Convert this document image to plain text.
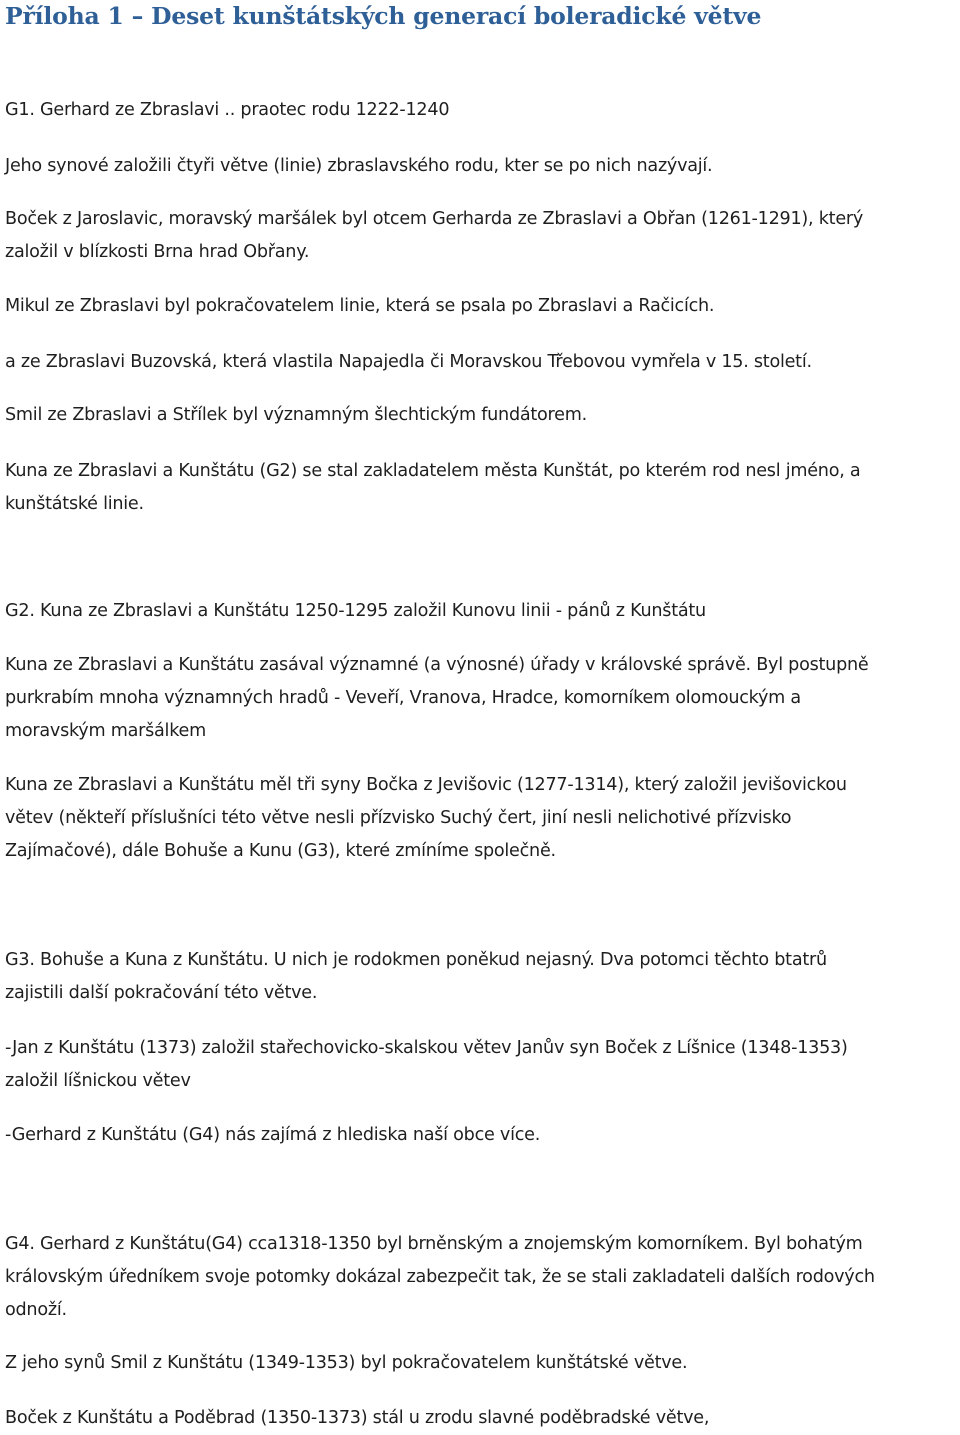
Příloha 1 – Deset kunštátských generací boleradické větve

G1. Gerhard ze Zbraslavi .. praotec rodu 1222-1240

Jeho synové založili čtyři větve (linie) zbraslavského rodu, kter se po nich nazývají.

Boček z Jaroslavic, moravský maršálek byl otcem Gerharda ze Zbraslavi a Obřan (1261-1291), který
založil v blízkosti Brna hrad Obřany.

Mikul ze Zbraslavi byl pokračovatelem linie, která se psala po Zbraslavi a Račicích.

a ze Zbraslavi Buzovská, která vlastila Napajedla či Moravskou Třebovou vymřela v 15. století.

Smil ze Zbraslavi a Střílek byl významným šlechtickým fundátorem.

Kuna ze Zbraslavi a Kunštátu (G2) se stal zakladatelem města Kunštát, po kterém rod nesl jméno, a
kunštátské linie.

G2. Kuna ze Zbraslavi a Kunštátu 1250-1295 založil Kunovu linii - pánů z Kunštátu

Kuna ze Zbraslavi a Kunštátu zasával významné (a výnosné) úřady v královské správě. Byl postupně
purkrabím mnoha významných hradů - Veveří, Vranova, Hradce, komorníkem olomouckým a
moravským maršálkem

Kuna ze Zbraslavi a Kunštátu měl tři syny Bočka z Jevišovic (1277-1314), který založil jevišovickou
větev (někteří příslušníci této větve nesli přízvisko Suchý čert, jiní nesli nelichotivé přízvisko
Zajímačové), dále Bohuše a Kunu (G3), které zmíníme společně.

G3. Bohuše a Kuna z Kunštátu. U nich je rodokmen poněkud nejasný. Dva potomci těchto btatrů
zajistili další pokračování této větve.

-Jan z Kunštátu (1373) založil stařechovicko-skalskou větev Janův syn Boček z Líšnice (1348-1353)
založil líšnickou větev

-Gerhard z Kunštátu (G4) nás zajímá z hlediska naší obce více.

G4. Gerhard z Kunštátu(G4) cca1318-1350 byl brněnským a znojemským komorníkem. Byl bohatým
královským úředníkem svoje potomky dokázal zabezpečit tak, že se stali zakladateli dalších rodových
odnoží.

Z jeho synů Smil z Kunštátu (1349-1353) byl pokračovatelem kunštátské větve.

Boček z Kunštátu a Poděbrad (1350-1373) stál u zrodu slavné poděbradské větve,
